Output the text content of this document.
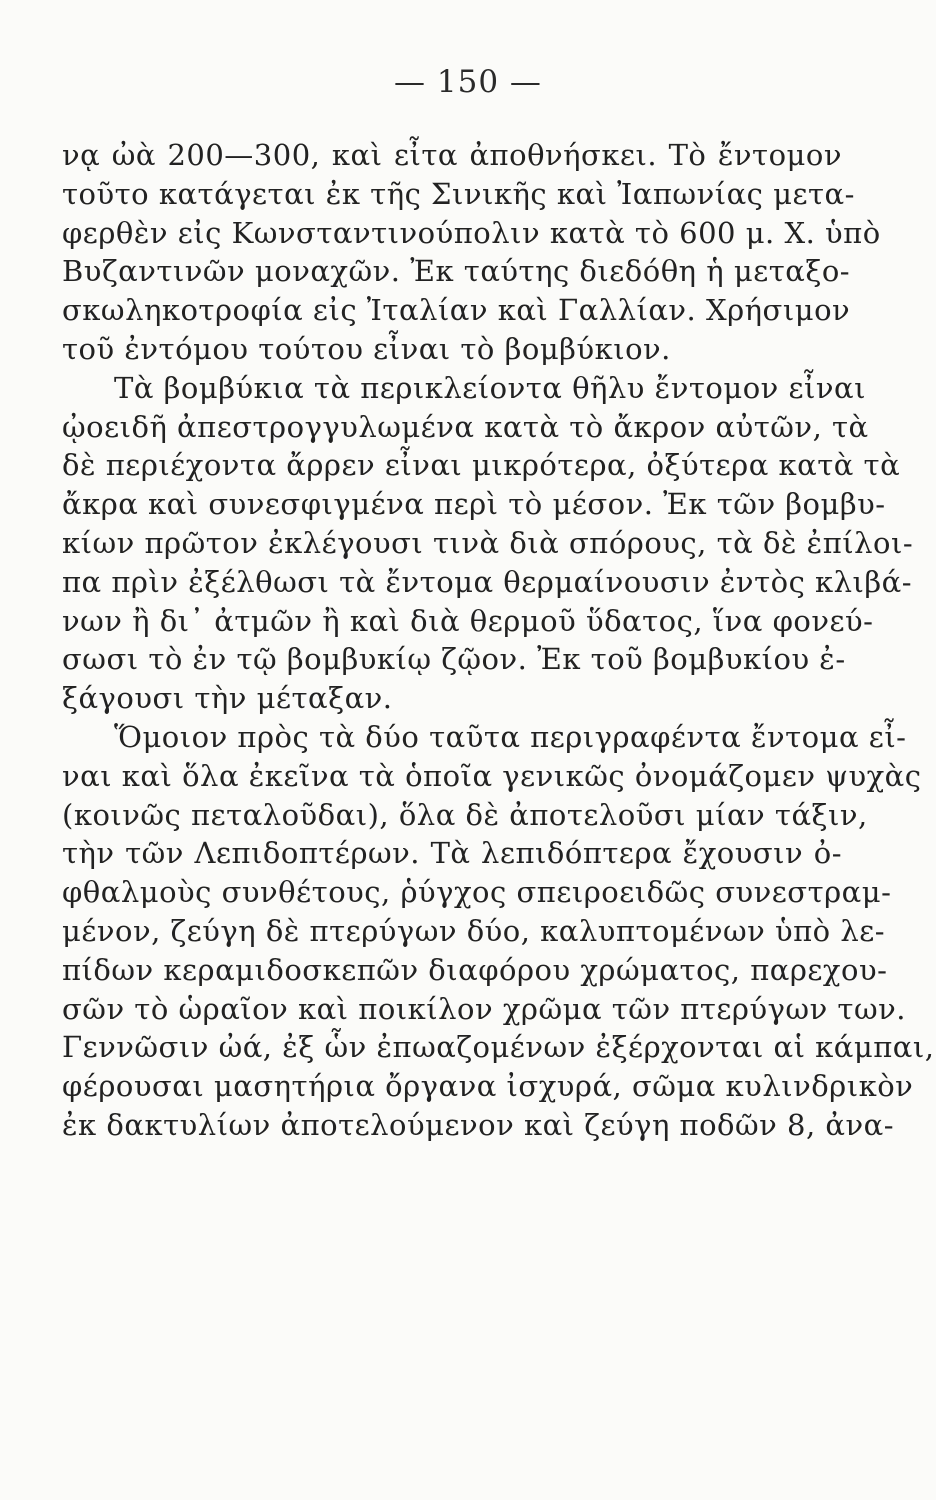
— 150 —
νᾳ ὠὰ 200—300, καὶ εἶτα ἀποθνήσκει. Τὸ ἔντομον
τοῦτο κατάγεται ἐκ τῆς Σινικῆς καὶ Ἰαπωνίας μετα-
φερθὲν εἰς Κωνσταντινούπολιν κατὰ τὸ 600 μ. Χ. ὑπὸ
Βυζαντινῶν μοναχῶν. Ἐκ ταύτης διεδόθη ἡ μεταξο-
σκωληκοτροφία εἰς Ἰταλίαν καὶ Γαλλίαν. Χρήσιμον
τοῦ ἐντόμου τούτου εἶναι τὸ βομβύκιον.
Τὰ βομβύκια τὰ περικλείοντα θῆλυ ἔντομον εἶναι
ᾠοειδῆ ἀπεστρογγυλωμένα κατὰ τὸ ἄκρον αὐτῶν, τὰ
δὲ περιέχοντα ἄρρεν εἶναι μικρότερα, ὀξύτερα κατὰ τὰ
ἄκρα καὶ συνεσφιγμένα περὶ τὸ μέσον. Ἐκ τῶν βομβυ-
κίων πρῶτον ἐκλέγουσι τινὰ διὰ σπόρους, τὰ δὲ ἐπίλοι-
πα πρὶν ἐξέλθωσι τὰ ἔντομα θερμαίνουσιν ἐντὸς κλιβά-
νων ἢ δι᾽ ἀτμῶν ἢ καὶ διὰ θερμοῦ ὕδατος, ἵνα φονεύ-
σωσι τὸ ἐν τῷ βομβυκίῳ ζῷον. Ἐκ τοῦ βομβυκίου ἐ-
ξάγουσι τὴν μέταξαν.
Ὅμοιον πρὸς τὰ δύο ταῦτα περιγραφέντα ἔντομα εἶ-
ναι καὶ ὅλα ἐκεῖνα τὰ ὁποῖα γενικῶς ὀνομάζομεν ψυχὰς
(κοινῶς πεταλοῦδαι), ὅλα δὲ ἀποτελοῦσι μίαν τάξιν,
τὴν τῶν Λεπιδοπτέρων. Τὰ λεπιδόπτερα ἔχουσιν ὀ-
φθαλμοὺς συνθέτους, ῥύγχος σπειροειδῶς συνεστραμ-
μένον, ζεύγη δὲ πτερύγων δύο, καλυπτομένων ὑπὸ λε-
πίδων κεραμιδοσκεπῶν διαφόρου χρώματος, παρεχου-
σῶν τὸ ὡραῖον καὶ ποικίλον χρῶμα τῶν πτερύγων των.
Γεννῶσιν ὠά, ἐξ ὧν ἐπωαζομένων ἐξέρχονται αἱ κάμπαι,
φέρουσαι μασητήρια ὄργανα ἰσχυρά, σῶμα κυλινδρικὸν
ἐκ δακτυλίων ἀποτελούμενον καὶ ζεύγη ποδῶν 8, ἀνα-
